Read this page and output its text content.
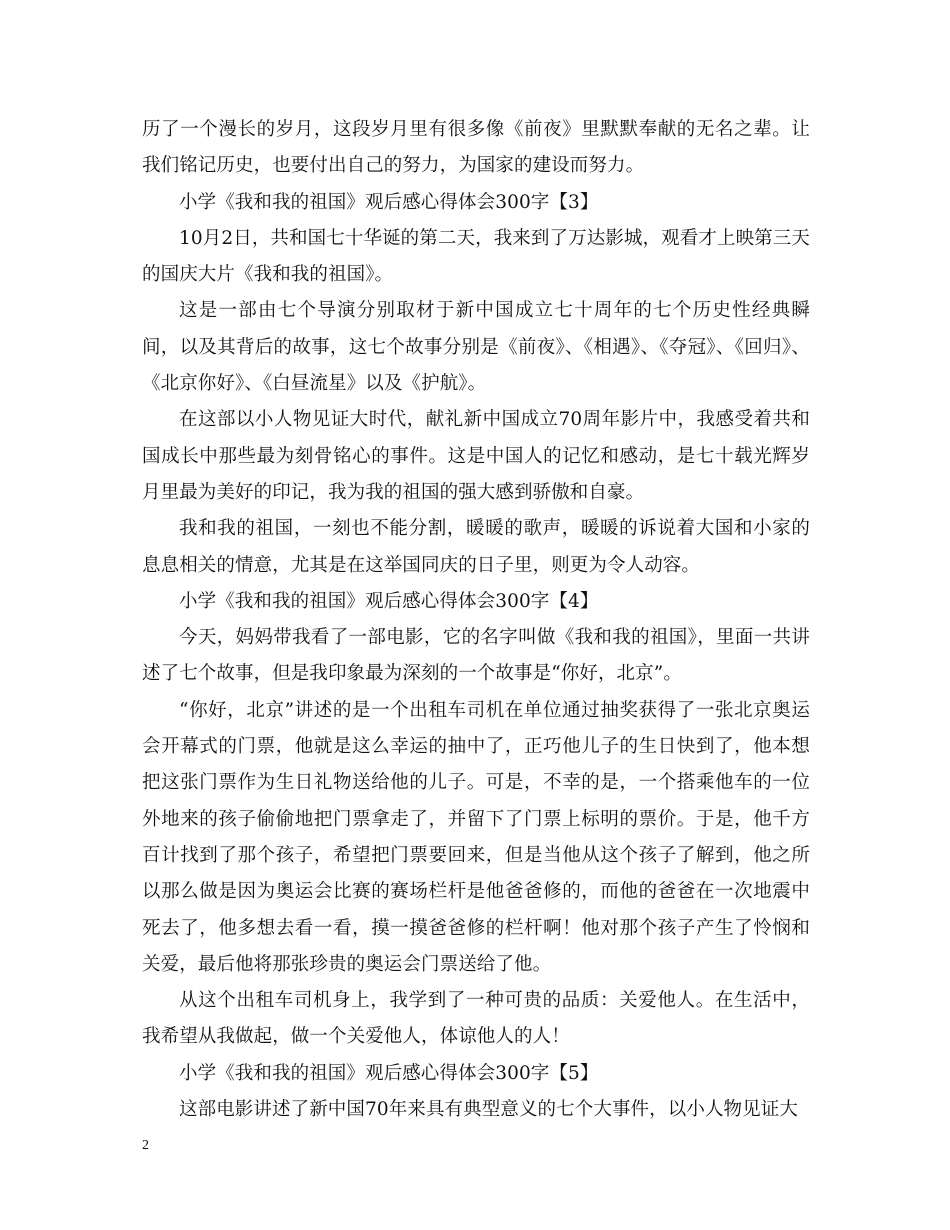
历了一个漫长的岁月，这段岁月里有很多像《前夜》里默默奉献的无名之辈。让我们铭记历史，也要付出自己的努力，为国家的建设而努力。

小学《我和我的祖国》观后感心得体会300字【3】

10月2日，共和国七十华诞的第二天，我来到了万达影城，观看才上映第三天的国庆大片《我和我的祖国》。

这是一部由七个导演分别取材于新中国成立七十周年的七个历史性经典瞬间，以及其背后的故事，这七个故事分别是《前夜》、《相遇》、《夺冠》、《回归》、《北京你好》、《白昼流星》以及《护航》。

在这部以小人物见证大时代，献礼新中国成立70周年影片中，我感受着共和国成长中那些最为刻骨铭心的事件。这是中国人的记忆和感动，是七十载光辉岁月里最为美好的印记，我为我的祖国的强大感到骄傲和自豪。

我和我的祖国，一刻也不能分割，暖暖的歌声，暖暖的诉说着大国和小家的息息相关的情意，尤其是在这举国同庆的日子里，则更为令人动容。

小学《我和我的祖国》观后感心得体会300字【4】

今天，妈妈带我看了一部电影，它的名字叫做《我和我的祖国》，里面一共讲述了七个故事，但是我印象最为深刻的一个故事是“你好，北京”。

“你好，北京”讲述的是一个出租车司机在单位通过抽奖获得了一张北京奥运会开幕式的门票，他就是这么幸运的抽中了，正巧他儿子的生日快到了，他本想把这张门票作为生日礼物送给他的儿子。可是，不幸的是，一个搭乘他车的一位外地来的孩子偷偷地把门票拿走了，并留下了门票上标明的票价。于是，他千方百计找到了那个孩子，希望把门票要回来，但是当他从这个孩子了解到，他之所以那么做是因为奥运会比赛的赛场栏杆是他爸爸修的，而他的爸爸在一次地震中死去了，他多想去看一看，摸一摸爸爸修的栏杆啊！他对那个孩子产生了怜悯和关爱，最后他将那张珍贵的奥运会门票送给了他。

从这个出租车司机身上，我学到了一种可贵的品质：关爱他人。在生活中，我希望从我做起，做一个关爱他人，体谅他人的人！

小学《我和我的祖国》观后感心得体会300字【5】

这部电影讲述了新中国70年来具有典型意义的七个大事件，以小人物见证大

2
